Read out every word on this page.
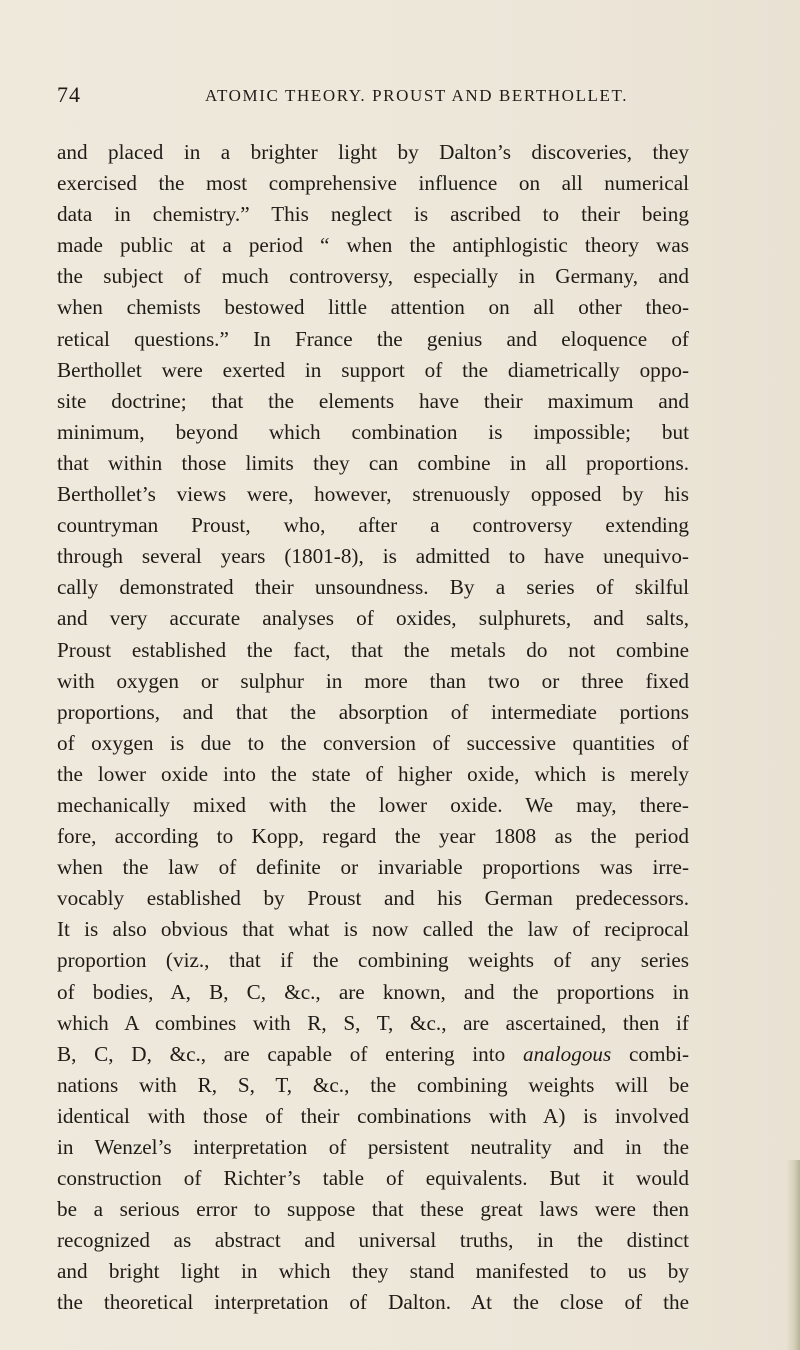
74	ATOMIC THEORY. PROUST AND BERTHOLLET.
and placed in a brighter light by Dalton’s discoveries, they
exercised the most comprehensive influence on all numerical
data in chemistry.” This neglect is ascribed to their being
made public at a period “ when the antiphlogistic theory was
the subject of much controversy, especially in Germany, and
when chemists bestowed little attention on all other theo-
retical questions.” In France the genius and eloquence of
Berthollet were exerted in support of the diametrically oppo-
site doctrine; that the elements have their maximum and
minimum, beyond which combination is impossible; but
that within those limits they can combine in all proportions.
Berthollet’s views were, however, strenuously opposed by his
countryman Proust, who, after a controversy extending
through several years (1801-8), is admitted to have unequivo-
cally demonstrated their unsoundness. By a series of skilful
and very accurate analyses of oxides, sulphurets, and salts,
Proust established the fact, that the metals do not combine
with oxygen or sulphur in more than two or three fixed
proportions, and that the absorption of intermediate portions
of oxygen is due to the conversion of successive quantities of
the lower oxide into the state of higher oxide, which is merely
mechanically mixed with the lower oxide. We may, there-
fore, according to Kopp, regard the year 1808 as the period
when the law of definite or invariable proportions was irre-
vocably established by Proust and his German predecessors.
It is also obvious that what is now called the law of reciprocal
proportion (viz., that if the combining weights of any series
of bodies, A, B, C, &c., are known, and the proportions in
which A combines with R, S, T, &c., are ascertained, then if
B, C, D, &c., are capable of entering into analogous combi-
nations with R, S, T, &c., the combining weights will be
identical with those of their combinations with A) is involved
in Wenzel’s interpretation of persistent neutrality and in the
construction of Richter’s table of equivalents. But it would
be a serious error to suppose that these great laws were then
recognized as abstract and universal truths, in the distinct
and bright light in which they stand manifested to us by
the theoretical interpretation of Dalton. At the close of the
